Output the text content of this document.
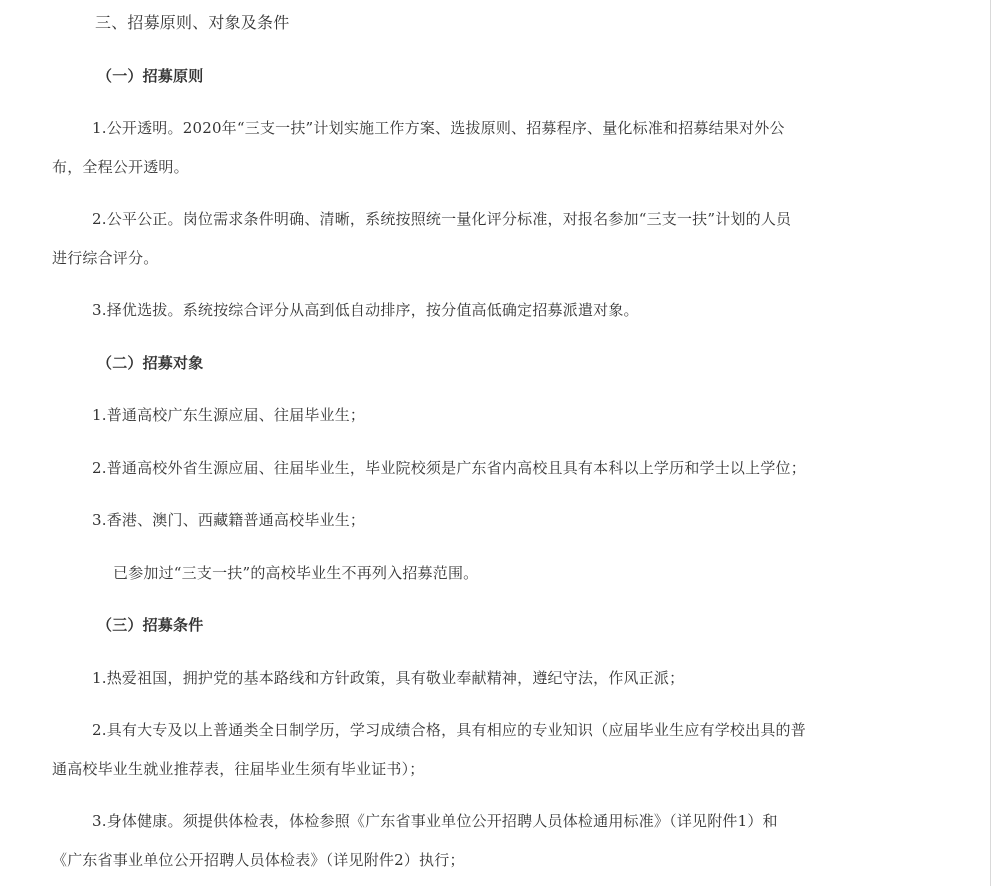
三、招募原则、对象及条件

（一）招募原则

1.公开透明。2020年“三支一扶”计划实施工作方案、选拔原则、招募程序、量化标准和招募结果对外公

布，全程公开透明。

2.公平公正。岗位需求条件明确、清晰，系统按照统一量化评分标准，对报名参加“三支一扶”计划的人员

进行综合评分。

3.择优选拔。系统按综合评分从高到低自动排序，按分值高低确定招募派遣对象。

（二）招募对象

1.普通高校广东生源应届、往届毕业生；

2.普通高校外省生源应届、往届毕业生，毕业院校须是广东省内高校且具有本科以上学历和学士以上学位；

3.香港、澳门、西藏籍普通高校毕业生；

已参加过“三支一扶”的高校毕业生不再列入招募范围。

（三）招募条件

1.热爱祖国，拥护党的基本路线和方针政策，具有敬业奉献精神，遵纪守法，作风正派；

2.具有大专及以上普通类全日制学历，学习成绩合格，具有相应的专业知识（应届毕业生应有学校出具的普

通高校毕业生就业推荐表，往届毕业生须有毕业证书）；

3.身体健康。须提供体检表，体检参照《广东省事业单位公开招聘人员体检通用标准》（详见附件1）和

《广东省事业单位公开招聘人员体检表》（详见附件2）执行；
